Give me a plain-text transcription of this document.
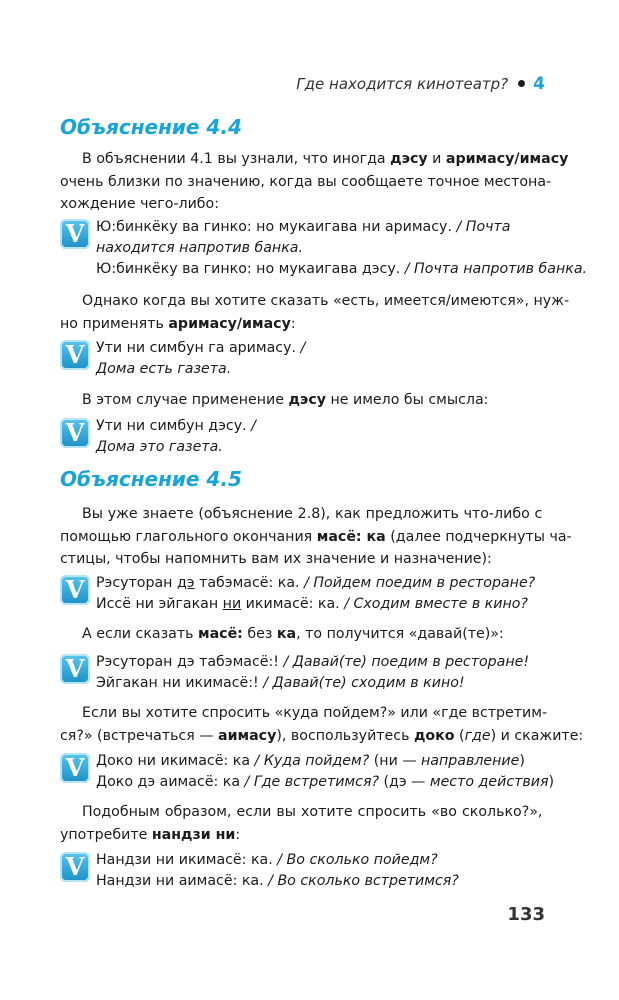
Где находится кинотеатр? 4
Объяснение 4.4
В объяснении 4.1 вы узнали, что иногда дэсу и аримасу/имасу
очень близки по значению, когда вы сообщаете точное местона-
хождение чего-либо:
V Ю:бинкёку ва гинко: но мукаигава ни аримасу. / Почта
находится напротив банка.
Ю:бинкёку ва гинко: но мукаигава дэсу. / Почта напротив банка.
Однако когда вы хотите сказать «есть, имеется/имеются», нуж-
но применять аримасу/имасу:
V Ути ни симбун га аримасу. /
Дома есть газета.
В этом случае применение дэсу не имело бы смысла:
V Ути ни симбун дэсу. /
Дома это газета.
Объяснение 4.5
Вы уже знаете (объяснение 2.8), как предложить что-либо с
помощью глагольного окончания масё: ка (далее подчеркнуты ча-
стицы, чтобы напомнить вам их значение и назначение):
V Рэсуторан дэ табэмасё: ка. / Пойдем поедим в ресторане?
Иссё ни эйгакан ни икимасё: ка. / Сходим вместе в кино?
А если сказать масё: без ка, то получится «давай(те)»:
V Рэсуторан дэ табэмасё:! / Давай(те) поедим в ресторане!
Эйгакан ни икимасё:! / Давай(те) сходим в кино!
Если вы хотите спросить «куда пойдем?» или «где встретим-
ся?» (встречаться — аимасу), воспользуйтесь доко (где) и скажите:
V Доко ни икимасё: ка / Куда пойдем? (ни — направление)
Доко дэ аимасё: ка / Где встретимся? (дэ — место действия)
Подобным образом, если вы хотите спросить «во сколько?»,
употребите нандзи ни:
V Нандзи ни икимасё: ка. / Во сколько пойедм?
Нандзи ни аимасё: ка. / Во сколько встретимся?
133
